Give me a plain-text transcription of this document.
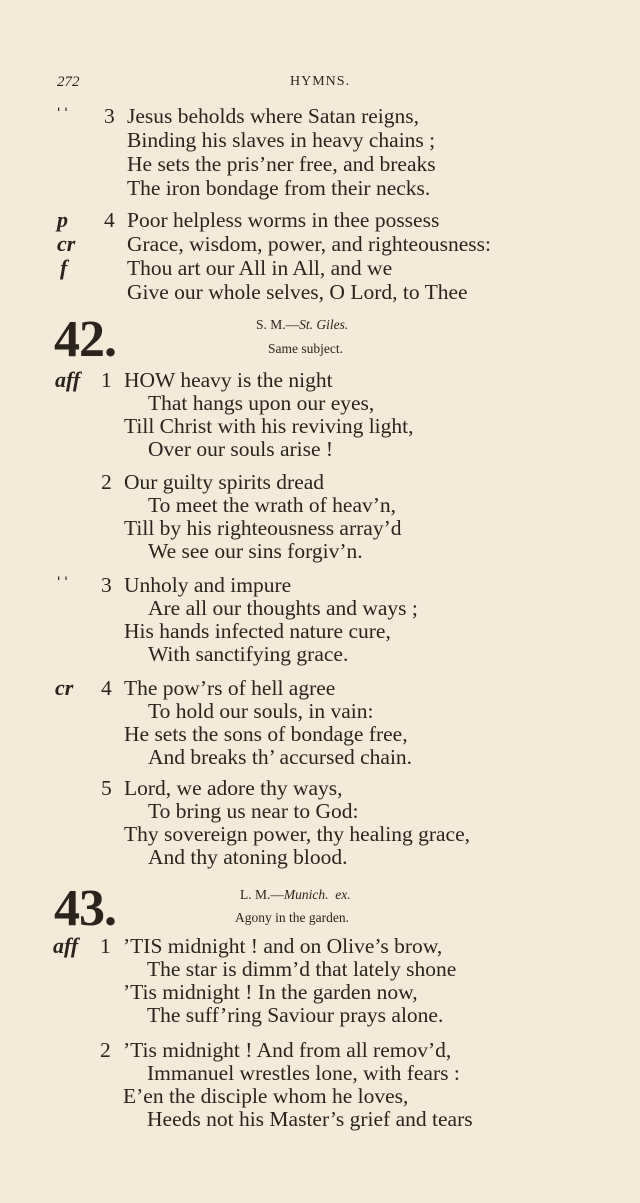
272	HYMNS.
ˈˈ 3 Jesus beholds where Satan reigns,
Binding his slaves in heavy chains ;
He sets the pris’ner free, and breaks
The iron bondage from their necks.
p
cr
f
4 Poor helpless worms in thee possess
Grace, wisdom, power, and righteousness:
Thou art our All in All, and we
Give our whole selves, O Lord, to Thee
42.	S. M.—St. Giles.
Same subject.
aff 1 HOW heavy is the night
That hangs upon our eyes,
Till Christ with his reviving light,
Over our souls arise !
2 Our guilty spirits dread
To meet the wrath of heav’n,
Till by his righteousness array’d
We see our sins forgiv’n.
ˈˈ 3 Unholy and impure
Are all our thoughts and ways ;
His hands infected nature cure,
With sanctifying grace.
cr 4 The pow’rs of hell agree
To hold our souls, in vain:
He sets the sons of bondage free,
And breaks th’ accursed chain.
5 Lord, we adore thy ways,
To bring us near to God:
Thy sovereign power, thy healing grace,
And thy atoning blood.
43.	L. M.—Munich. ex.
Agony in the garden.
aff 1 ’TIS midnight ! and on Olive’s brow,
The star is dimm’d that lately shone
’Tis midnight ! In the garden now,
The suff’ring Saviour prays alone.
2 ’Tis midnight ! And from all remov’d,
Immanuel wrestles lone, with fears :
E’en the disciple whom he loves,
Heeds not his Master’s grief and tears
